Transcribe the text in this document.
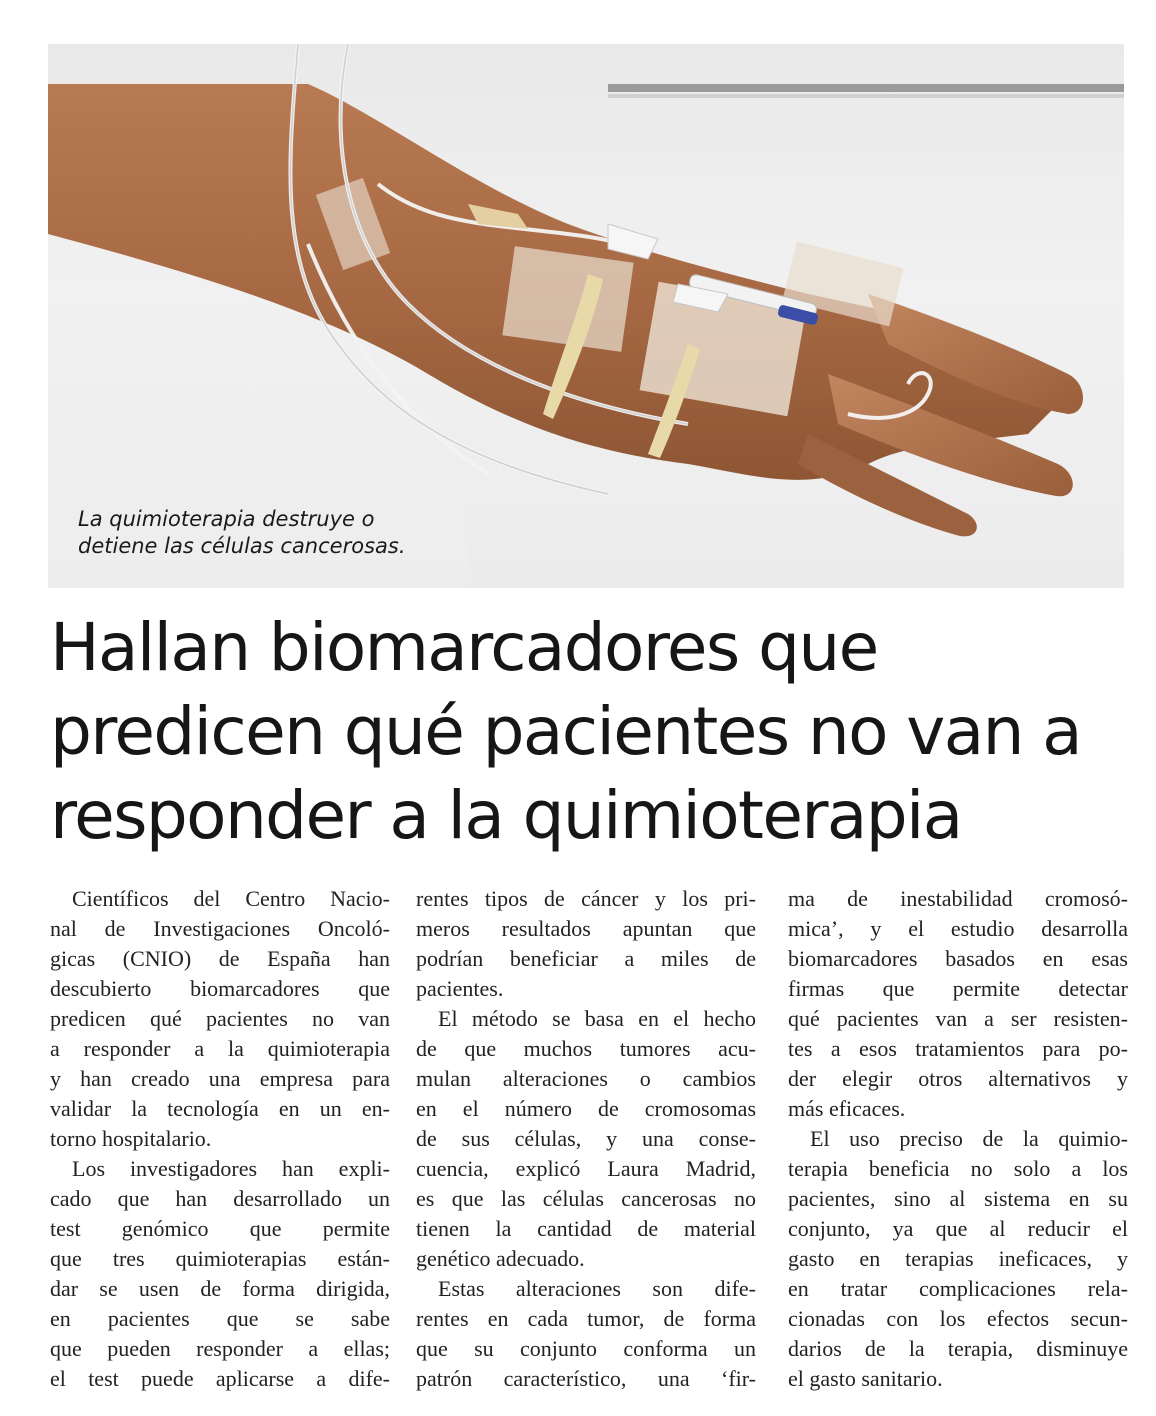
La quimioterapia destruye o
detiene las células cancerosas.
Hallan biomarcadores que
predicen qué pacientes no van a
responder a la quimioterapia
Científicos del Centro Nacio-
nal de Investigaciones Oncoló-
gicas (CNIO) de España han
descubierto biomarcadores que
predicen qué pacientes no van
a responder a la quimioterapia
y han creado una empresa para
validar la tecnología en un en-
torno hospitalario.
Los investigadores han expli-
cado que han desarrollado un
test genómico que permite
que tres quimioterapias están-
dar se usen de forma dirigida,
en pacientes que se sabe
que pueden responder a ellas;
el test puede aplicarse a dife-
rentes tipos de cáncer y los pri-
meros resultados apuntan que
podrían beneficiar a miles de
pacientes.
El método se basa en el hecho
de que muchos tumores acu-
mulan alteraciones o cambios
en el número de cromosomas
de sus células, y una conse-
cuencia, explicó Laura Madrid,
es que las células cancerosas no
tienen la cantidad de material
genético adecuado.
Estas alteraciones son dife-
rentes en cada tumor, de forma
que su conjunto conforma un
patrón característico, una ‘fir-
ma de inestabilidad cromosó-
mica’, y el estudio desarrolla
biomarcadores basados en esas
firmas que permite detectar
qué pacientes van a ser resisten-
tes a esos tratamientos para po-
der elegir otros alternativos y
más eficaces.
El uso preciso de la quimio-
terapia beneficia no solo a los
pacientes, sino al sistema en su
conjunto, ya que al reducir el
gasto en terapias ineficaces, y
en tratar complicaciones rela-
cionadas con los efectos secun-
darios de la terapia, disminuye
el gasto sanitario.
